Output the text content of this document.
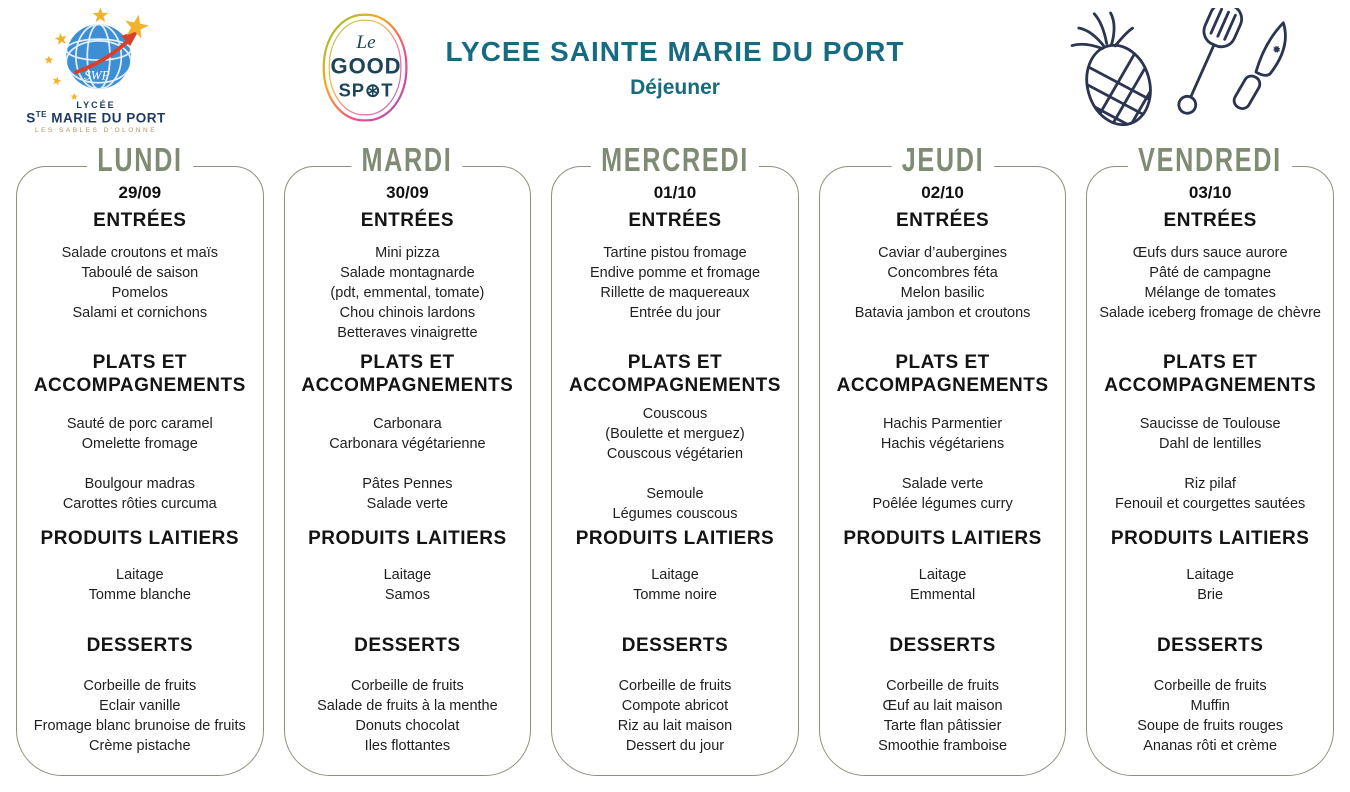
SWP
LYCÉE
$S^{TE}$ MARIE DU PORT
LES SABLES D'OLONNE
Le
GOOD
SP⊛T
LYCEE SAINTE MARIE DU PORT
Déjeuner
LUNDI
29/09
ENTRÉES
Salade croutons et maïs
Taboulé de saison
Pomelos
Salami et cornichons
PLATS ET ACCOMPAGNEMENTS
Sauté de porc caramel
Omelette fromage

Boulgour madras
Carottes rôties curcuma
PRODUITS LAITIERS
Laitage
Tomme blanche
DESSERTS
Corbeille de fruits
Eclair vanille
Fromage blanc brunoise de fruits
Crème pistache
MARDI
30/09
ENTRÉES
Mini pizza
Salade montagnarde
(pdt, emmental, tomate)
Chou chinois lardons
Betteraves vinaigrette
PLATS ET ACCOMPAGNEMENTS
Carbonara
Carbonara végétarienne

Pâtes Pennes
Salade verte
PRODUITS LAITIERS
Laitage
Samos
DESSERTS
Corbeille de fruits
Salade de fruits à la menthe
Donuts chocolat
Iles flottantes
MERCREDI
01/10
ENTRÉES
Tartine pistou fromage
Endive pomme et fromage
Rillette de maquereaux
Entrée du jour
PLATS ET ACCOMPAGNEMENTS
Couscous
(Boulette et merguez)
Couscous végétarien

Semoule
Légumes couscous
PRODUITS LAITIERS
Laitage
Tomme noire
DESSERTS
Corbeille de fruits
Compote abricot
Riz au lait maison
Dessert du jour
JEUDI
02/10
ENTRÉES
Caviar d’aubergines
Concombres féta
Melon basilic
Batavia jambon et croutons
PLATS ET ACCOMPAGNEMENTS
Hachis Parmentier
Hachis végétariens

Salade verte
Poêlée légumes curry
PRODUITS LAITIERS
Laitage
Emmental
DESSERTS
Corbeille de fruits
Œuf au lait maison
Tarte flan pâtissier
Smoothie framboise
VENDREDI
03/10
ENTRÉES
Œufs durs sauce aurore
Pâté de campagne
Mélange de tomates
Salade iceberg fromage de chèvre
PLATS ET ACCOMPAGNEMENTS
Saucisse de Toulouse
Dahl de lentilles

Riz pilaf
Fenouil et courgettes sautées
PRODUITS LAITIERS
Laitage
Brie
DESSERTS
Corbeille de fruits
Muffin
Soupe de fruits rouges
Ananas rôti et crème
